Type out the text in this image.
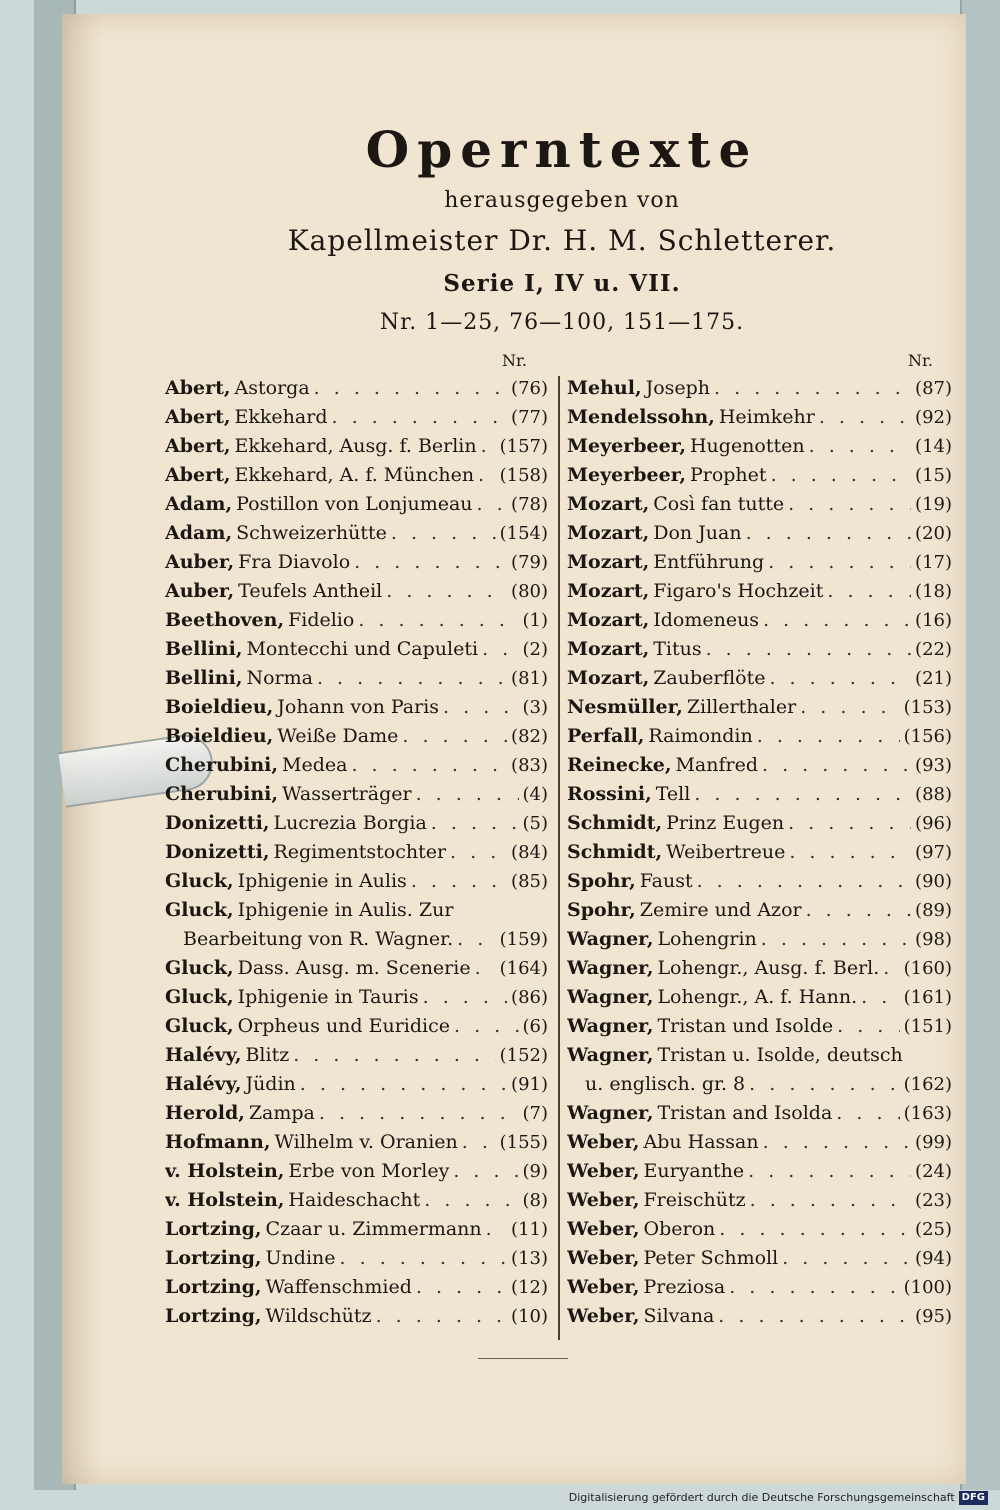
Operntexte
herausgegeben von
Kapellmeister Dr. H. M. Schletterer.
Serie I, IV u. VII.
Nr. 1—25, 76—100, 151—175.
Nr.	Nr.
Abert, Astorga . . .	(76)
Abert, Ekkehard . . .	(77)
Abert, Ekkehard, Ausg. f. Berlin . . . (157)
Abert, Ekkehard, A. f. München . . . (158)
Adam, Postillon von Lonjumeau . . . (78)
Adam, Schweizerhütte . . .	(154)
Auber, Fra Diavolo . . .	(79)
Auber, Teufels Antheil . . .	(80)
Beethoven, Fidelio . . .	(1)
Bellini, Montecchi und Capuleti . . . (2)
Bellini, Norma . . .	(81)
Boieldieu, Johann von Paris . . .	(3)
Boieldieu, Weiße Dame . . .	(82)
Cherubini, Medea . . .	(83)
Cherubini, Wasserträger . . .	(4)
Donizetti, Lucrezia Borgia . . .	(5)
Donizetti, Regimentstochter . . .	(84)
Gluck, Iphigenie in Aulis . . .	(85)
Gluck, Iphigenie in Aulis. Zur
Bearbeitung von R. Wagner. . . .	(159)
Gluck, Dass. Ausg. m. Scenerie . . . (164)
Gluck, Iphigenie in Tauris . . .	(86)
Gluck, Orpheus und Euridice . . .	(6)
Halévy, Blitz . . .	(152)
Halévy, Jüdin . . .	(91)
Herold, Zampa . . .	(7)
Hofmann, Wilhelm v. Oranien . . . (155)
v. Holstein, Erbe von Morley . . .	(9)
v. Holstein, Haideschacht . . .	(8)
Lortzing, Czaar u. Zimmermann . . . (11)
Lortzing, Undine . . .	(13)
Lortzing, Waffenschmied . . .	(12)
Lortzing, Wildschütz . . .	(10)
Mehul, Joseph . . .	(87)
Mendelssohn, Heimkehr . . .	(92)
Meyerbeer, Hugenotten . . .	(14)
Meyerbeer, Prophet . . .	(15)
Mozart, Così fan tutte . . .	(19)
Mozart, Don Juan . . .	(20)
Mozart, Entführung . . .	(17)
Mozart, Figaro's Hochzeit . . .	(18)
Mozart, Idomeneus . . .	(16)
Mozart, Titus . . .	(22)
Mozart, Zauberflöte . . .	(21)
Nesmüller, Zillerthaler . . .	(153)
Perfall, Raimondin . . .	(156)
Reinecke, Manfred . . .	(93)
Rossini, Tell . . .	(88)
Schmidt, Prinz Eugen . . .	(96)
Schmidt, Weibertreue . . .	(97)
Spohr, Faust . . .	(90)
Spohr, Zemire und Azor . . .	(89)
Wagner, Lohengrin . . .	(98)
Wagner, Lohengr., Ausg. f. Berl. . . . (160)
Wagner, Lohengr., A. f. Hann. . . .	(161)
Wagner, Tristan und Isolde . . .	(151)
Wagner, Tristan u. Isolde, deutsch
u. englisch. gr. 8 . . .	(162)
Wagner, Tristan and Isolda . . .	(163)
Weber, Abu Hassan . . .	(99)
Weber, Euryanthe . . .	(24)
Weber, Freischütz . . .	(23)
Weber, Oberon . . .	(25)
Weber, Peter Schmoll . . .	(94)
Weber, Preziosa . . .	(100)
Weber, Silvana . . .	(95)
Digitalisierung gefördert durch die Deutsche Forschungsgemeinschaft DFG
